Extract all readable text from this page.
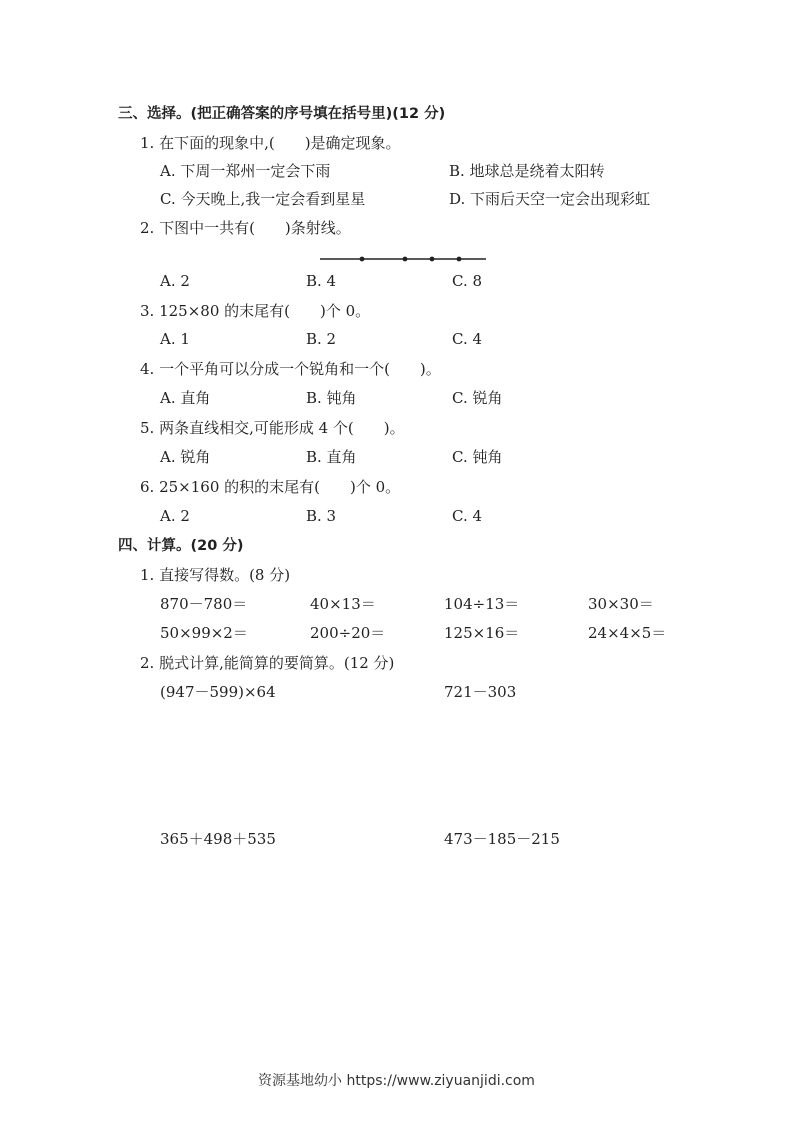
三、选择。(把正确答案的序号填在括号里)(12 分)
1. 在下面的现象中,(　　)是确定现象。
A. 下周一郑州一定会下雨	B. 地球总是绕着太阳转
C. 今天晚上,我一定会看到星星	D. 下雨后天空一定会出现彩虹
2. 下图中一共有(　　)条射线。
A. 2	B. 4	C. 8
3. 125×80 的末尾有(　　)个 0。
A. 1	B. 2	C. 4
4. 一个平角可以分成一个锐角和一个(　　)。
A. 直角	B. 钝角	C. 锐角
5. 两条直线相交,可能形成 4 个(　　)。
A. 锐角	B. 直角	C. 钝角
6. 25×160 的积的末尾有(　　)个 0。
A. 2	B. 3	C. 4
四、计算。(20 分)
1. 直接写得数。(8 分)
870－780＝	40×13＝	104÷13＝	30×30＝
50×99×2＝	200÷20＝	125×16＝	24×4×5＝
2. 脱式计算,能简算的要简算。(12 分)
(947－599)×64	721－303
365＋498＋535	473－185－215
资源基地幼小 https://www.ziyuanjidi.com
